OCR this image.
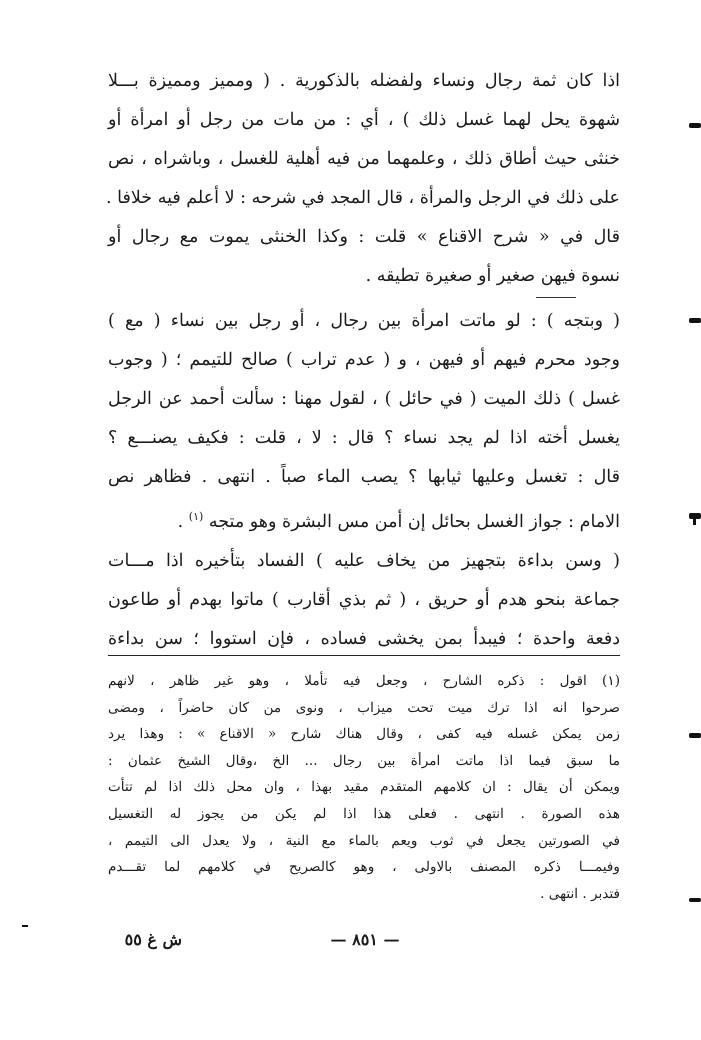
اذا كان ثمة رجال ونساء ولفضله بالذكورية . ( ومميز ومميزة بـــلا
شهوة يحل لهما غسل ذلك ) ، أي : من مات من رجل أو امرأة أو
خنثى حيث أطاق ذلك ، وعلمهما من فيه أهلية للغسل ، وباشراه ، نص
على ذلك في الرجل والمرأة ، قال المجد في شرحه : لا أعلم فيه خلافا .
قال في « شرح الاقناع » قلت : وكذا الخنثى يموت مع رجال أو
نسوة فيهن صغير أو صغيرة تطيقه .
( وبتجه ) : لو ماتت امرأة بين رجال ، أو رجل بين نساء ( مع )
وجود محرم فيهم أو فيهن ، و ( عدم تراب ) صالح للتيمم ؛ ( وجوب
غسل ) ذلك الميت ( في حائل ) ، لقول مهنا : سألت أحمد عن الرجل
يغسل أخته اذا لم يجد نساء ؟ قال : لا ، قلت : فكيف يصنـــع ؟
قال : تغسل وعليها ثيابها ؟ يصب الماء صباً . انتهى . فظاهر نص
الامام : جواز الغسل بحائل إن أمن مس البشرة وهو متجه $^{(١)}$ .
( وسن بداءة بتجهيز من يخاف عليه ) الفساد بتأخيره اذا مـــات
جماعة بنحو هدم أو حريق ، ( ثم بذي أقارب ) ماتوا بهدم أو طاعون
دفعة واحدة ؛ فيبدأ بمن يخشى فساده ، فإن استووا ؛ سن بداءة
(١) اقول : ذكره الشارح ، وجعل فيه تأملا ، وهو غير ظاهر ، لانهم
صرحوا انه اذا ترك ميت تحت ميزاب ، ونوى من كان حاضراً ، ومضى
زمن يمكن غسله فيه كفى ، وقال هناك شارح « الاقناع » : وهذا يرد
ما سبق فيما اذا ماتت امرأة بين رجال ... الخ ،وقال الشيخ عثمان :
ويمكن أن يقال : ان كلامهم المتقدم مقيد بهذا ، وان محل ذلك اذا لم تتأت
هذه الصورة . انتهى . فعلى هذا اذا لم يكن من يجوز له التغسيل
في الصورتين يجعل في ثوب ويعم بالماء مع النية ، ولا يعدل الى التيمم ،
وفيمـــا ذكره المصنف بالاولى ، وهو كالصريح في كلامهم لما تقـــدم
فتدبر . انتهى .
ش غ ٥٥	— ٨٥١ —
